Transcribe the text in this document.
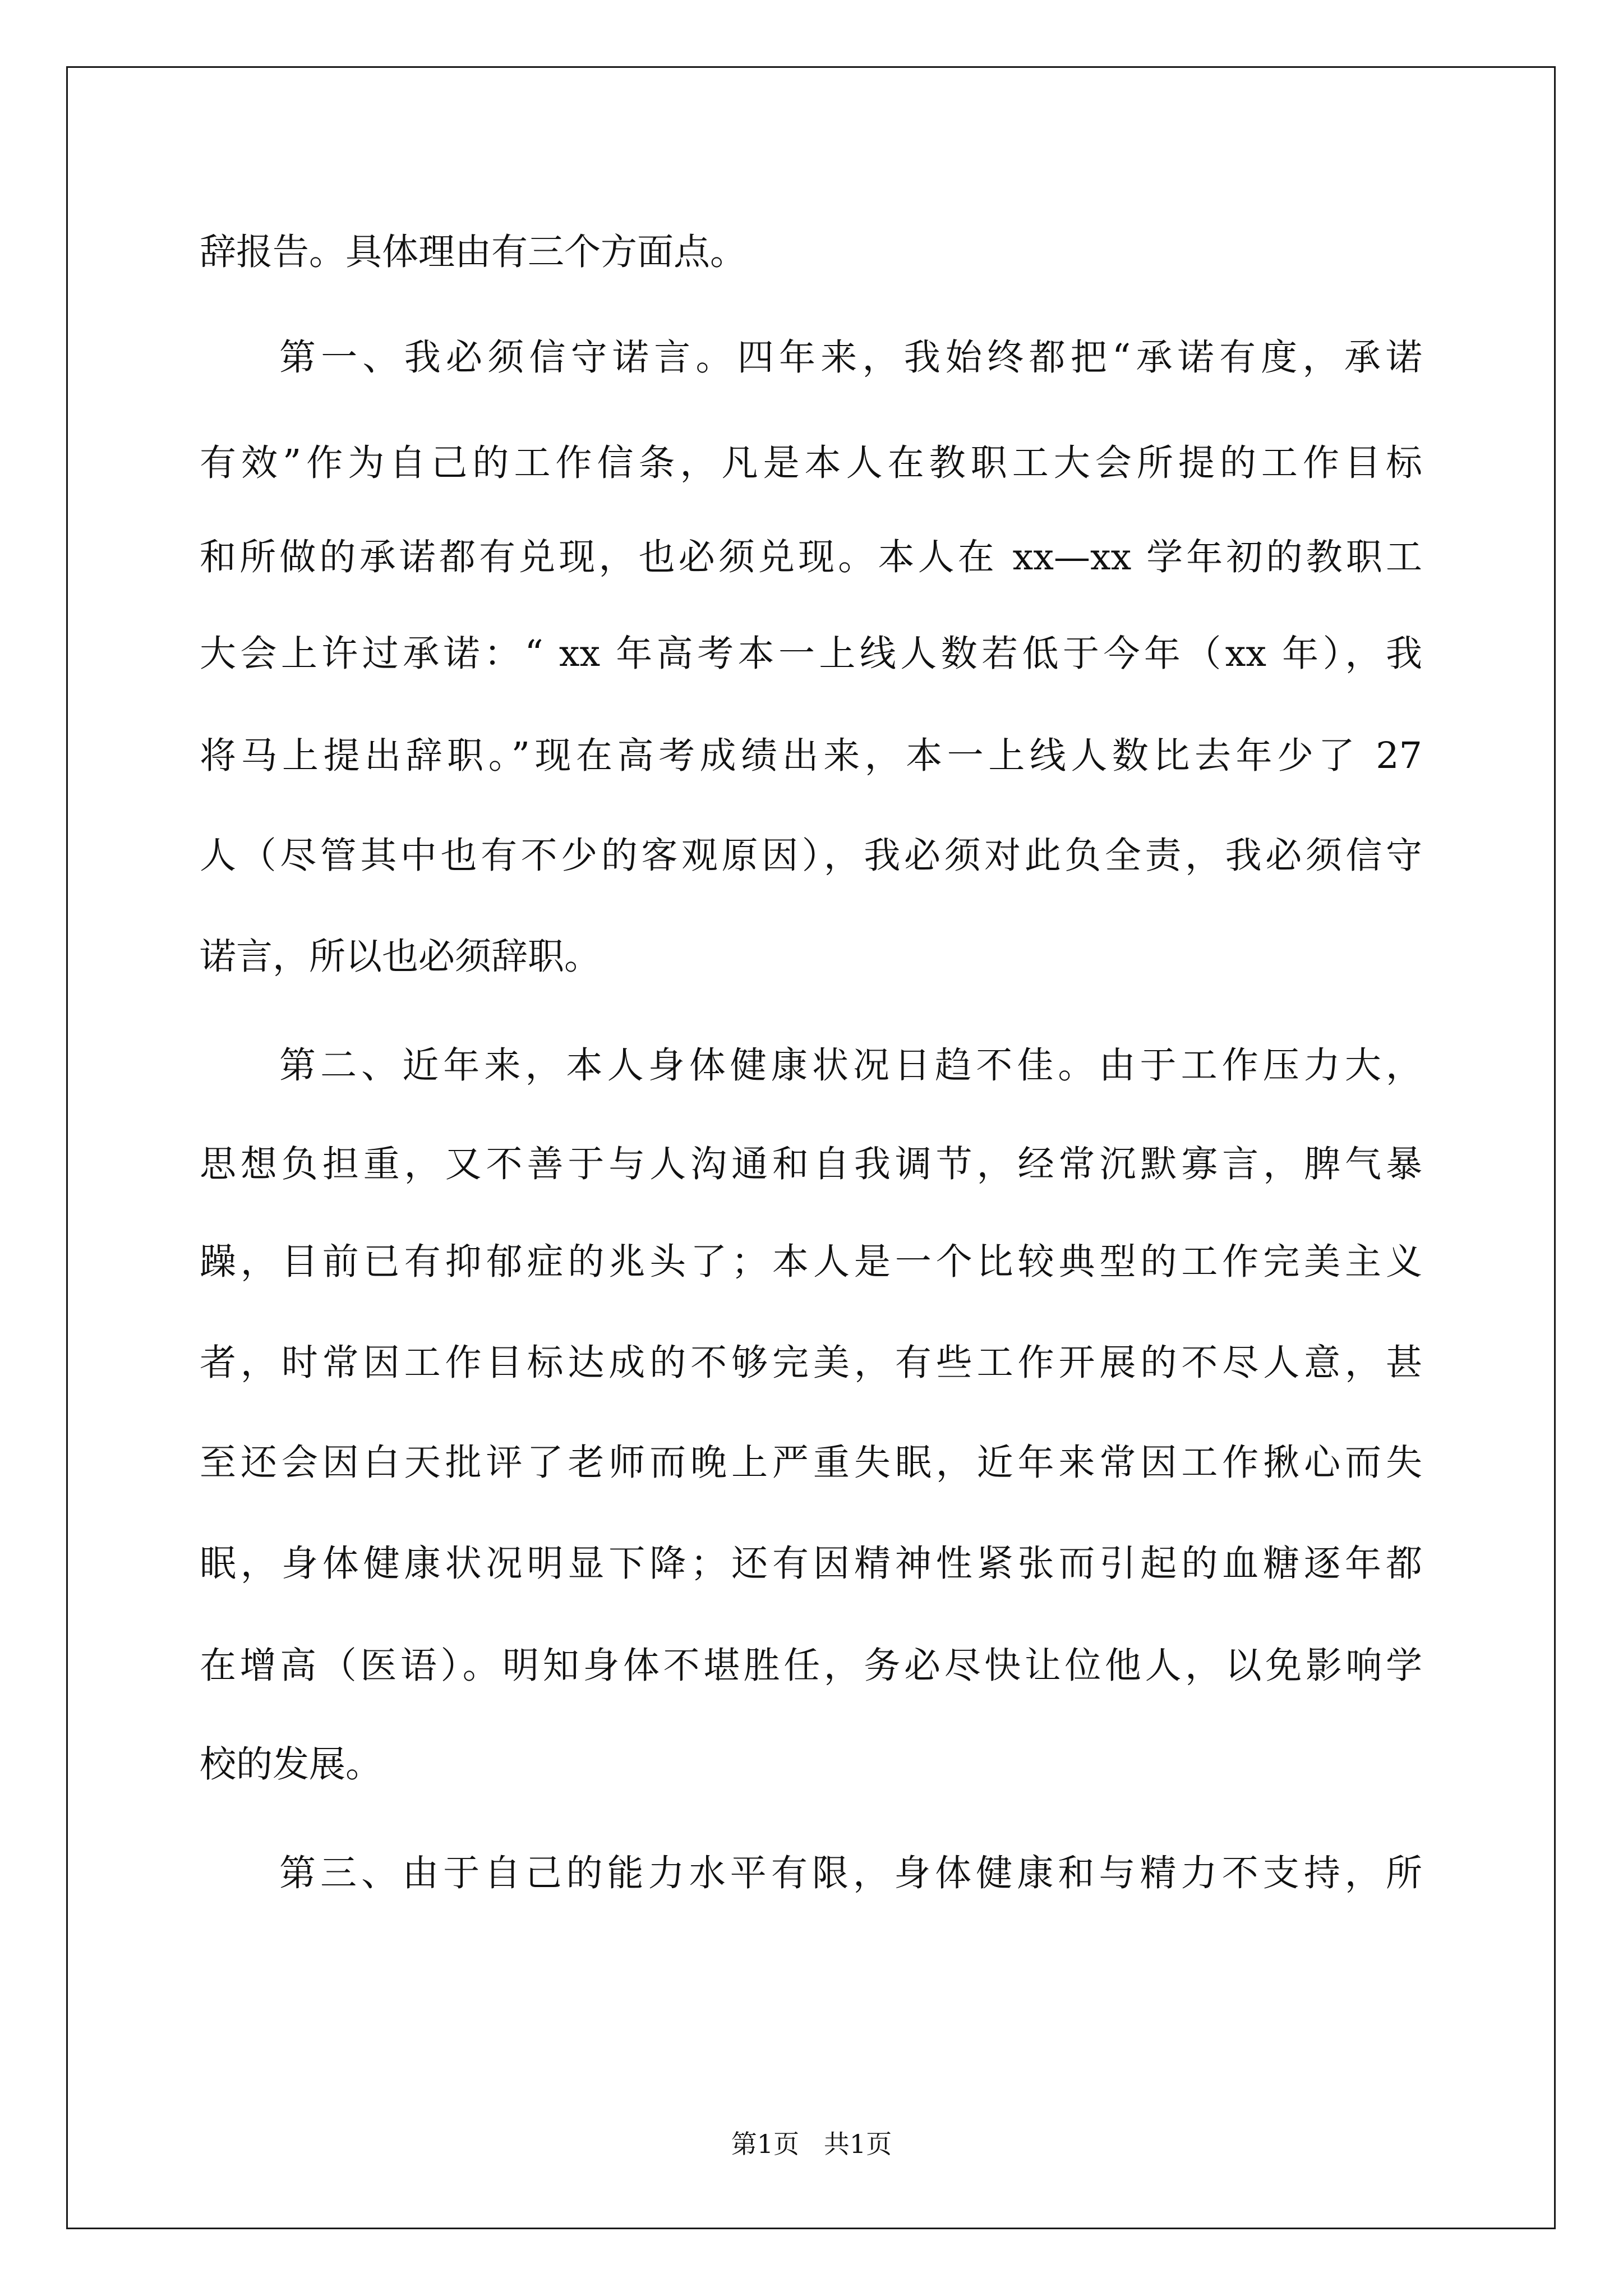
辞报告。具体理由有三个方面点。
第一、我必须信守诺言。四年来，我始终都把“承诺有度，承诺
有效”作为自己的工作信条，凡是本人在教职工大会所提的工作目标
和所做的承诺都有兑现，也必须兑现。本人在 xx—xx 学年初的教职工
大会上许过承诺：“ xx 年高考本一上线人数若低于今年（xx 年），我
将马上提出辞职。”现在高考成绩出来，本一上线人数比去年少了 27
人（尽管其中也有不少的客观原因），我必须对此负全责，我必须信守
诺言，所以也必须辞职。
第二、近年来，本人身体健康状况日趋不佳。由于工作压力大，
思想负担重，又不善于与人沟通和自我调节，经常沉默寡言，脾气暴
躁，目前已有抑郁症的兆头了；本人是一个比较典型的工作完美主义
者，时常因工作目标达成的不够完美，有些工作开展的不尽人意，甚
至还会因白天批评了老师而晚上严重失眠，近年来常因工作揪心而失
眠，身体健康状况明显下降；还有因精神性紧张而引起的血糖逐年都
在增高（医语）。明知身体不堪胜任，务必尽快让位他人，以免影响学
校的发展。
第三、由于自己的能力水平有限，身体健康和与精力不支持，所
第1页   共1页
